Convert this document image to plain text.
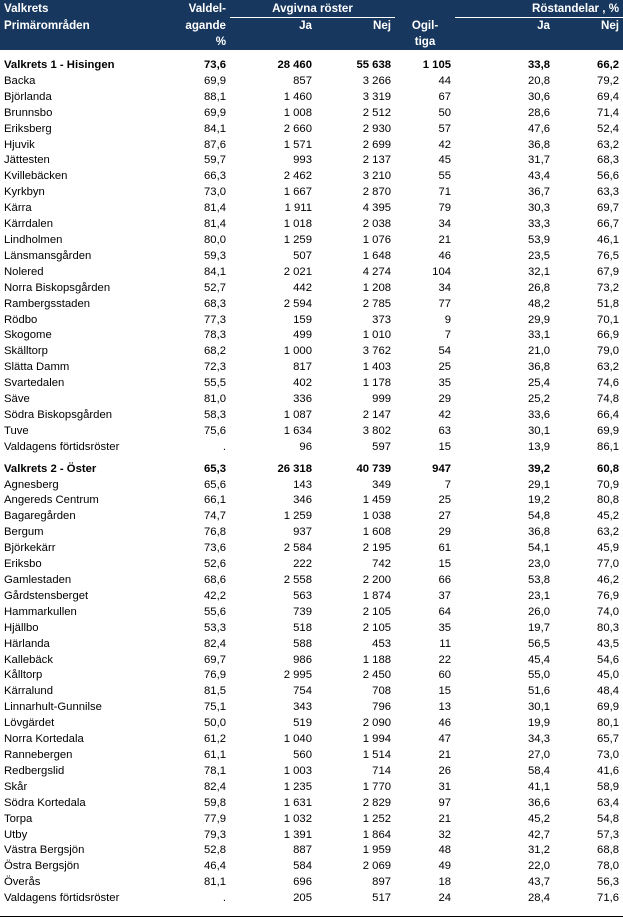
Valkrets	Valdel-	Avgivna röster			Röstandelar , %	
Primärområden	agande	Ja	Nej	Ogil-	Ja	Nej
	%			tiga		

Valkrets 1 - Hisingen	73,6	28 460	55 638	1 105	33,8	66,2
Backa	69,9	857	3 266	44	20,8	79,2
Björlanda	88,1	1 460	3 319	67	30,6	69,4
Brunnsbo	69,9	1 008	2 512	50	28,6	71,4
Eriksberg	84,1	2 660	2 930	57	47,6	52,4
Hjuvik	87,6	1 571	2 699	42	36,8	63,2
Jättesten	59,7	993	2 137	45	31,7	68,3
Kvillebäcken	66,3	2 462	3 210	55	43,4	56,6
Kyrkbyn	73,0	1 667	2 870	71	36,7	63,3
Kärra	81,4	1 911	4 395	79	30,3	69,7
Kärrdalen	81,4	1 018	2 038	34	33,3	66,7
Lindholmen	80,0	1 259	1 076	21	53,9	46,1
Länsmansgården	59,3	507	1 648	46	23,5	76,5
Nolered	84,1	2 021	4 274	104	32,1	67,9
Norra Biskopsgården	52,7	442	1 208	34	26,8	73,2
Rambergsstaden	68,3	2 594	2 785	77	48,2	51,8
Rödbo	77,3	159	373	9	29,9	70,1
Skogome	78,3	499	1 010	7	33,1	66,9
Skälltorp	68,2	1 000	3 762	54	21,0	79,0
Slätta Damm	72,3	817	1 403	25	36,8	63,2
Svartedalen	55,5	402	1 178	35	25,4	74,6
Säve	81,0	336	999	29	25,2	74,8
Södra Biskopsgården	58,3	1 087	2 147	42	33,6	66,4
Tuve	75,6	1 634	3 802	63	30,1	69,9
Valdagens förtidsröster	.	96	597	15	13,9	86,1

Valkrets 2 - Öster	65,3	26 318	40 739	947	39,2	60,8
Agnesberg	65,6	143	349	7	29,1	70,9
Angereds Centrum	66,1	346	1 459	25	19,2	80,8
Bagaregården	74,7	1 259	1 038	27	54,8	45,2
Bergum	76,8	937	1 608	29	36,8	63,2
Björkekärr	73,6	2 584	2 195	61	54,1	45,9
Eriksbo	52,6	222	742	15	23,0	77,0
Gamlestaden	68,6	2 558	2 200	66	53,8	46,2
Gårdstensberget	42,2	563	1 874	37	23,1	76,9
Hammarkullen	55,6	739	2 105	64	26,0	74,0
Hjällbo	53,3	518	2 105	35	19,7	80,3
Härlanda	82,4	588	453	11	56,5	43,5
Kallebäck	69,7	986	1 188	22	45,4	54,6
Kålltorp	76,9	2 995	2 450	60	55,0	45,0
Kärralund	81,5	754	708	15	51,6	48,4
Linnarhult-Gunnilse	75,1	343	796	13	30,1	69,9
Lövgärdet	50,0	519	2 090	46	19,9	80,1
Norra Kortedala	61,2	1 040	1 994	47	34,3	65,7
Rannebergen	61,1	560	1 514	21	27,0	73,0
Redbergslid	78,1	1 003	714	26	58,4	41,6
Skår	82,4	1 235	1 770	31	41,1	58,9
Södra Kortedala	59,8	1 631	2 829	97	36,6	63,4
Torpa	77,9	1 032	1 252	21	45,2	54,8
Utby	79,3	1 391	1 864	32	42,7	57,3
Västra Bergsjön	52,8	887	1 959	48	31,2	68,8
Östra Bergsjön	46,4	584	2 069	49	22,0	78,0
Överås	81,1	696	897	18	43,7	56,3
Valdagens förtidsröster	.	205	517	24	28,4	71,6
